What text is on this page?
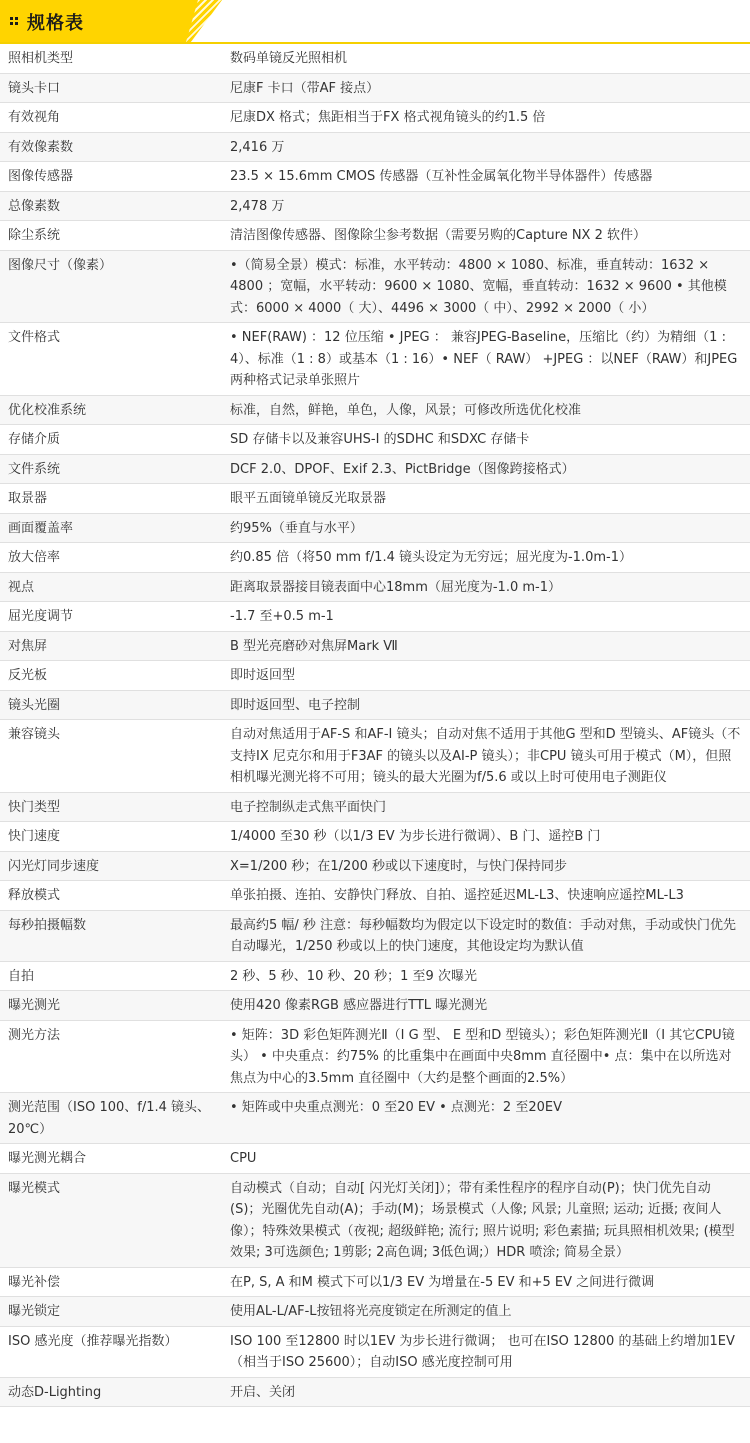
规格表
照相机类型	数码单镜反光照相机
镜头卡口	尼康F 卡口（带AF 接点）
有效视角	尼康DX 格式；焦距相当于FX 格式视角镜头的约1.5 倍
有效像素数	2,416 万
图像传感器	23.5 × 15.6mm CMOS 传感器（互补性金属氧化物半导体器件）传感器
总像素数	2,478 万
除尘系统	清洁图像传感器、图像除尘参考数据（需要另购的Capture NX 2 软件）
图像尺寸（像素）	•（简易全景）模式：标准，水平转动：4800 × 1080、标准，垂直转动：1632 × 4800 ；宽幅，水平转动：9600 × 1080、宽幅，垂直转动：1632 × 9600 • 其他模式：6000 × 4000（ 大）、4496 × 3000（ 中）、2992 × 2000（ 小）
文件格式	• NEF(RAW) ：12 位压缩 • JPEG ： 兼容JPEG-Baseline，压缩比（约）为精细（1 : 4）、标准（1 : 8）或基本（1 : 16）• NEF（ RAW） +JPEG ：以NEF（RAW）和JPEG 两种格式记录单张照片
优化校准系统	标准，自然，鲜艳，单色，人像，风景；可修改所选优化校准
存储介质	SD 存储卡以及兼容UHS-I 的SDHC 和SDXC 存储卡
文件系统	DCF 2.0、DPOF、Exif 2.3、PictBridge（图像跨接格式）
取景器	眼平五面镜单镜反光取景器
画面覆盖率	约95%（垂直与水平）
放大倍率	约0.85 倍（将50 mm f/1.4 镜头设定为无穷远；屈光度为-1.0m-1）
视点	距离取景器接目镜表面中心18mm（屈光度为-1.0 m-1）
屈光度调节	-1.7 至+0.5 m-1
对焦屏	B 型光亮磨砂对焦屏Mark Ⅶ
反光板	即时返回型
镜头光圈	即时返回型、电子控制
兼容镜头	自动对焦适用于AF-S 和AF-I 镜头；自动对焦不适用于其他G 型和D 型镜头、AF镜头（不支持IX 尼克尔和用于F3AF 的镜头以及AI-P 镜头）；非CPU 镜头可用于模式（M），但照相机曝光测光将不可用；镜头的最大光圈为f/5.6 或以上时可使用电子测距仪
快门类型	电子控制纵走式焦平面快门
快门速度	1/4000 至30 秒（以1/3 EV 为步长进行微调）、B 门、遥控B 门
闪光灯同步速度	X=1/200 秒；在1/200 秒或以下速度时，与快门保持同步
释放模式	单张拍摄、连拍、安静快门释放、自拍、遥控延迟ML-L3、快速响应遥控ML-L3
每秒拍摄幅数	最高约5 幅/ 秒 注意：每秒幅数均为假定以下设定时的数值：手动对焦，手动或快门优先自动曝光，1/250 秒或以上的快门速度，其他设定均为默认值
自拍	2 秒、5 秒、10 秒、20 秒；1 至9 次曝光
曝光测光	使用420 像素RGB 感应器进行TTL 曝光测光
测光方法	• 矩阵：3D 彩色矩阵测光Ⅱ（I G 型、 E 型和D 型镜头）；彩色矩阵测光Ⅱ（I 其它CPU镜头） • 中央重点：约75% 的比重集中在画面中央8mm 直径圈中• 点：集中在以所选对焦点为中心的3.5mm 直径圈中（大约是整个画面的2.5%）
测光范围（ISO 100、f/1.4 镜头、20℃）	• 矩阵或中央重点测光：0 至20 EV • 点测光：2 至20EV
曝光测光耦合	CPU
曝光模式	自动模式（自动；自动[ 闪光灯关闭]）；带有柔性程序的程序自动(P)；快门优先自动(S)；光圈优先自动(A)；手动(M)；场景模式（人像; 风景; 儿童照; 运动; 近摄; 夜间人像）；特殊效果模式（夜视; 超级鲜艳; 流行; 照片说明; 彩色素描; 玩具照相机效果; (模型效果; 3可选颜色; 1剪影; 2高色调; 3低色调;）HDR 喷涂; 简易全景）
曝光补偿	在P, S, A 和M 模式下可以1/3 EV 为增量在-5 EV 和+5 EV 之间进行微调
曝光锁定	使用AL-L/AF-L按钮将光亮度锁定在所测定的值上
ISO 感光度（推荐曝光指数）	ISO 100 至12800 时以1EV 为步长进行微调； 也可在ISO 12800 的基础上约增加1EV（相当于ISO 25600）；自动ISO 感光度控制可用
动态D-Lighting	开启、关闭
